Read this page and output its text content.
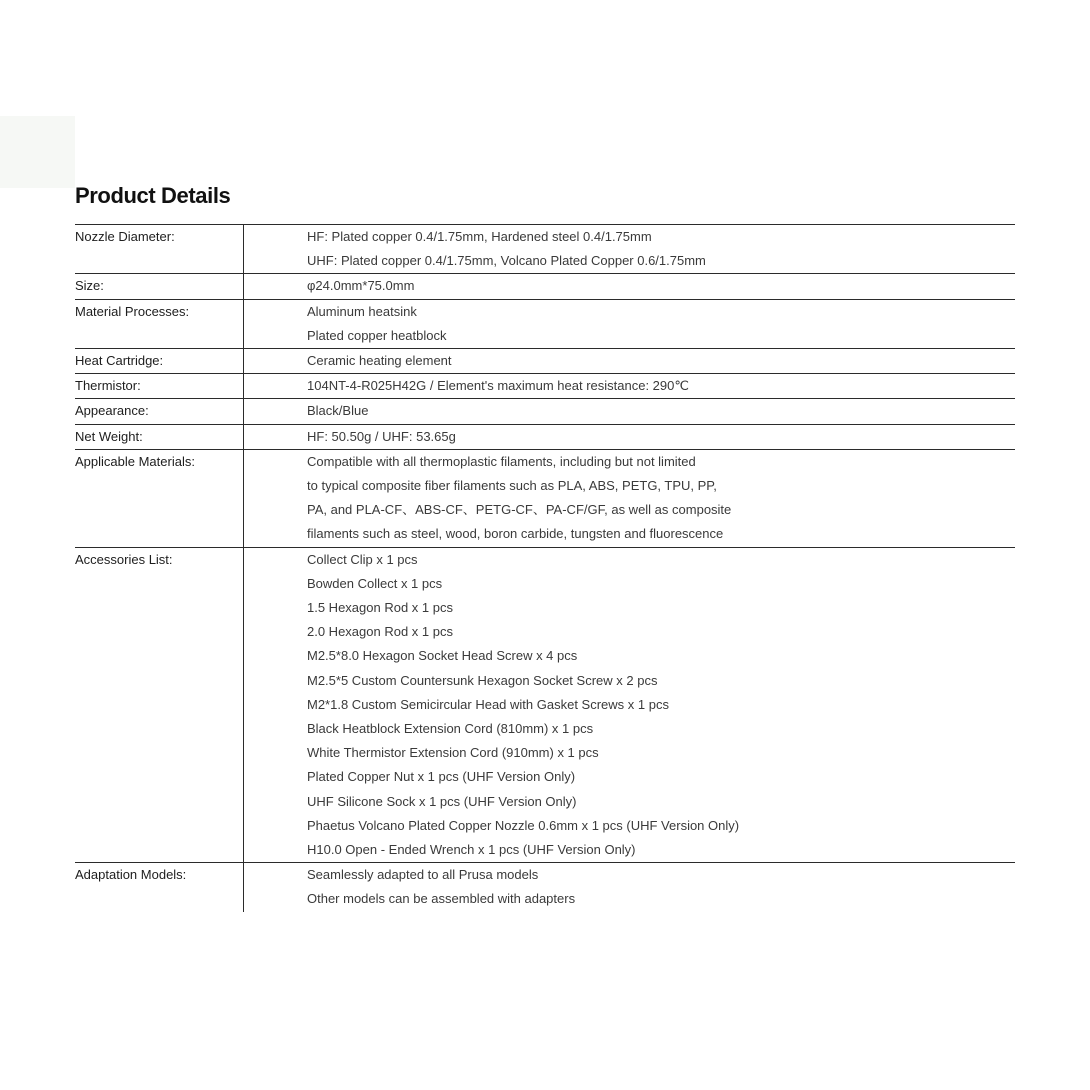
Product Details
Nozzle Diameter:	HF: Plated copper 0.4/1.75mm, Hardened steel 0.4/1.75mm
UHF: Plated copper 0.4/1.75mm, Volcano Plated Copper 0.6/1.75mm
Size:	φ24.0mm*75.0mm
Material Processes:	Aluminum heatsink
Plated copper heatblock
Heat Cartridge:	Ceramic heating element
Thermistor:	104NT-4-R025H42G / Element's maximum heat resistance: 290℃
Appearance:	Black/Blue
Net Weight:	HF: 50.50g / UHF: 53.65g
Applicable Materials:	Compatible with all thermoplastic filaments, including but not limited
to typical composite fiber filaments such as PLA, ABS, PETG, TPU, PP,
PA, and PLA-CF、ABS-CF、PETG-CF、PA-CF/GF, as well as composite
filaments such as steel, wood, boron carbide, tungsten and fluorescence
Accessories List:	Collect Clip x 1 pcs
Bowden Collect x 1 pcs
1.5 Hexagon Rod x 1 pcs
2.0 Hexagon Rod x 1 pcs
M2.5*8.0 Hexagon Socket Head Screw x 4 pcs
M2.5*5 Custom Countersunk Hexagon Socket Screw x 2 pcs
M2*1.8 Custom Semicircular Head with Gasket Screws x 1 pcs
Black Heatblock Extension Cord (810mm) x 1 pcs
White Thermistor Extension Cord (910mm) x 1 pcs
Plated Copper Nut x 1 pcs (UHF Version Only)
UHF Silicone Sock x 1 pcs (UHF Version Only)
Phaetus Volcano Plated Copper Nozzle 0.6mm x 1 pcs (UHF Version Only)
H10.0 Open - Ended Wrench x 1 pcs (UHF Version Only)
Adaptation Models:	Seamlessly adapted to all Prusa models
Other models can be assembled with adapters
